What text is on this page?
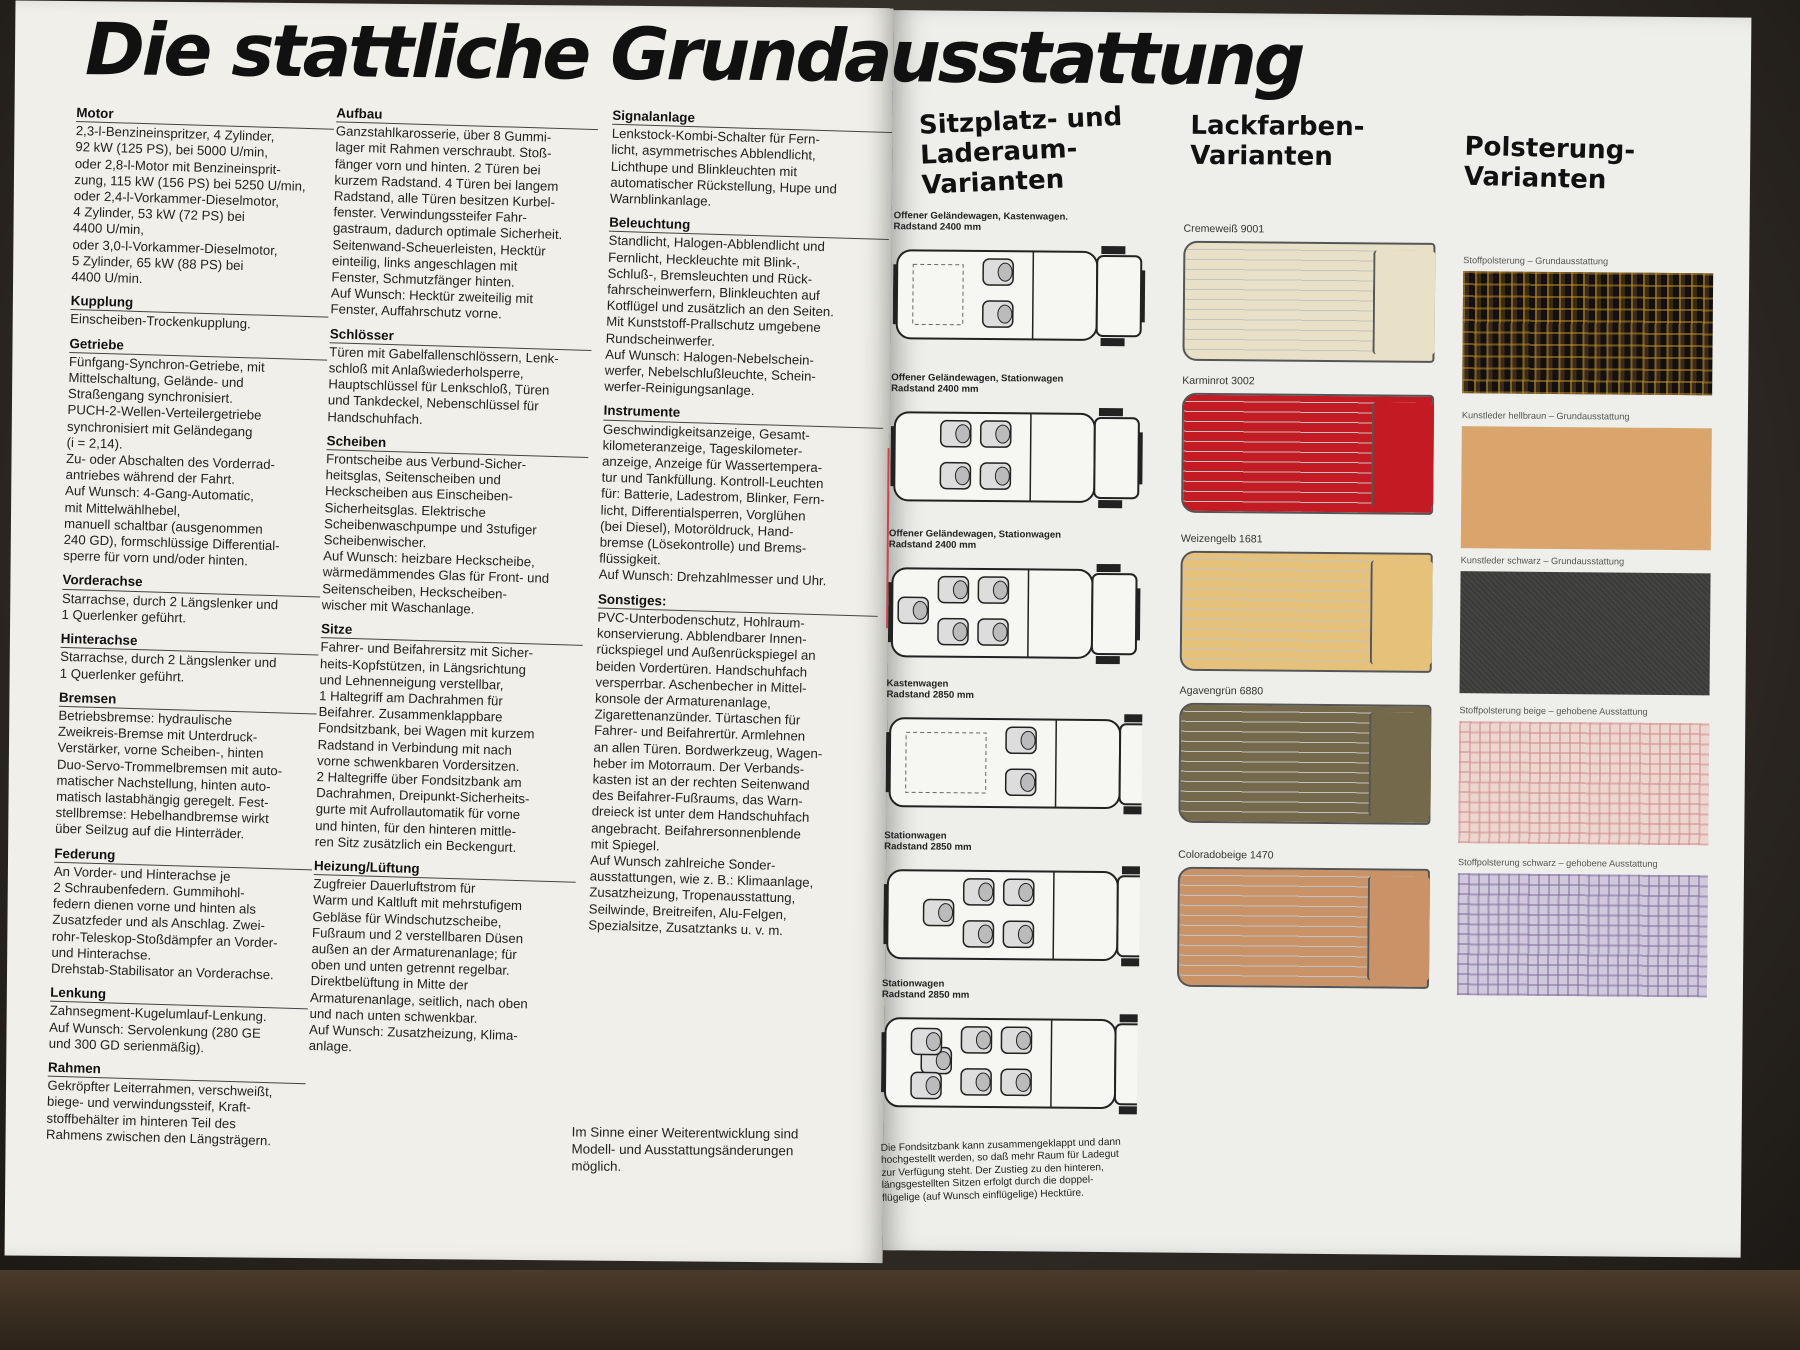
Motor

2,3-l-Benzineinspritzer, 4 Zylinder,
92 kW (125 PS), bei 5000 U/min,
oder 2,8-l-Motor mit Benzineinsprit-
zung, 115 kW (156 PS) bei 5250 U/min,
oder 2,4-l-Vorkammer-Dieselmotor,
4 Zylinder, 53 kW (72 PS) bei
4400 U/min,
oder 3,0-l-Vorkammer-Dieselmotor,
5 Zylinder, 65 kW (88 PS) bei
4400 U/min.

Kupplung

Einscheiben-Trockenkupplung.

Getriebe

Fünfgang-Synchron-Getriebe, mit
Mittelschaltung, Gelände- und
Straßengang synchronisiert.
PUCH-2-Wellen-Verteilergetriebe
synchronisiert mit Geländegang
(i = 2,14).
Zu- oder Abschalten des Vorderrad-
antriebes während der Fahrt.
Auf Wunsch: 4-Gang-Automatic,
mit Mittelwählhebel,
manuell schaltbar (ausgenommen
240 GD), formschlüssige Differential-
sperre für vorn und/oder hinten.

Vorderachse

Starrachse, durch 2 Längslenker und
1 Querlenker geführt.

Hinterachse

Starrachse, durch 2 Längslenker und
1 Querlenker geführt.

Bremsen

Betriebsbremse: hydraulische
Zweikreis-Bremse mit Unterdruck-
Verstärker, vorne Scheiben-, hinten
Duo-Servo-Trommelbremsen mit auto-
matischer Nachstellung, hinten auto-
matisch lastabhängig geregelt. Fest-
stellbremse: Hebelhandbremse wirkt
über Seilzug auf die Hinterräder.

Federung

An Vorder- und Hinterachse je
2 Schraubenfedern. Gummihohl-
federn dienen vorne und hinten als
Zusatzfeder und als Anschlag. Zwei-
rohr-Teleskop-Stoßdämpfer an Vorder-
und Hinterachse.
Drehstab-Stabilisator an Vorderachse.

Lenkung

Zahnsegment-Kugelumlauf-Lenkung.
Auf Wunsch: Servolenkung (280 GE
und 300 GD serienmäßig).

Rahmen

Gekröpfter Leiterrahmen, verschweißt,
biege- und verwindungssteif, Kraft-
stoffbehälter im hinteren Teil des
Rahmens zwischen den Längsträgern.

Aufbau

Ganzstahlkarosserie, über 8 Gummi-
lager mit Rahmen verschraubt. Stoß-
fänger vorn und hinten. 2 Türen bei
kurzem Radstand. 4 Türen bei langem
Radstand, alle Türen besitzen Kurbel-
fenster. Verwindungssteifer Fahr-
gastraum, dadurch optimale Sicherheit.
Seitenwand-Scheuerleisten, Hecktür
einteilig, links angeschlagen mit
Fenster, Schmutzfänger hinten.
Auf Wunsch: Hecktür zweiteilig mit
Fenster, Auffahrschutz vorne.

Schlösser

Türen mit Gabelfallenschlössern, Lenk-
schloß mit Anlaßwiederholsperre,
Hauptschlüssel für Lenkschloß, Türen
und Tankdeckel, Nebenschlüssel für
Handschuhfach.

Scheiben

Frontscheibe aus Verbund-Sicher-
heitsglas, Seitenscheiben und
Heckscheiben aus Einscheiben-
Sicherheitsglas. Elektrische
Scheibenwaschpumpe und 3stufiger
Scheibenwischer.
Auf Wunsch: heizbare Heckscheibe,
wärmedämmendes Glas für Front- und
Seitenscheiben, Heckscheiben-
wischer mit Waschanlage.

Sitze

Fahrer- und Beifahrersitz mit Sicher-
heits-Kopfstützen, in Längsrichtung
und Lehnenneigung verstellbar,
1 Haltegriff am Dachrahmen für
Beifahrer. Zusammenklappbare
Fondsitzbank, bei Wagen mit kurzem
Radstand in Verbindung mit nach
vorne schwenkbaren Vordersitzen.
2 Haltegriffe über Fondsitzbank am
Dachrahmen, Dreipunkt-Sicherheits-
gurte mit Aufrollautomatik für vorne
und hinten, für den hinteren mittle-
ren Sitz zusätzlich ein Beckengurt.

Heizung/Lüftung

Zugfreier Dauerluftstrom für
Warm und Kaltluft mit mehrstufigem
Gebläse für Windschutzscheibe,
Fußraum und 2 verstellbaren Düsen
außen an der Armaturenanlage; für
oben und unten getrennt regelbar.
Direktbelüftung in Mitte der
Armaturenanlage, seitlich, nach oben
und nach unten schwenkbar.
Auf Wunsch: Zusatzheizung, Klima-
anlage.

Signalanlage

Lenkstock-Kombi-Schalter für Fern-
licht, asymmetrisches Abblendlicht,
Lichthupe und Blinkleuchten mit
automatischer Rückstellung, Hupe und
Warnblinkanlage.

Beleuchtung

Standlicht, Halogen-Abblendlicht und
Fernlicht, Heckleuchte mit Blink-,
Schluß-, Bremsleuchten und Rück-
fahrscheinwerfern, Blinkleuchten auf
Kotflügel und zusätzlich an den Seiten.
Mit Kunststoff-Prallschutz umgebene
Rundscheinwerfer.
Auf Wunsch: Halogen-Nebelschein-
werfer, Nebelschlußleuchte, Schein-
werfer-Reinigungsanlage.

Instrumente

Geschwindigkeitsanzeige, Gesamt-
kilometeranzeige, Tageskilometer-
anzeige, Anzeige für Wassertempera-
tur und Tankfüllung. Kontroll-Leuchten
für: Batterie, Ladestrom, Blinker, Fern-
licht, Differentialsperren, Vorglühen
(bei Diesel), Motoröldruck, Hand-
bremse (Lösekontrolle) und Brems-
flüssigkeit.
Auf Wunsch: Drehzahlmesser und Uhr.

Sonstiges:

PVC-Unterbodenschutz, Hohlraum-
konservierung. Abblendbarer Innen-
rückspiegel und Außenrückspiegel an
beiden Vordertüren. Handschuhfach
versperrbar. Aschenbecher in Mittel-
konsole der Armaturenanlage,
Zigarettenanzünder. Türtaschen für
Fahrer- und Beifahrertür. Armlehnen
an allen Türen. Bordwerkzeug, Wagen-
heber im Motorraum. Der Verbands-
kasten ist an der rechten Seitenwand
des Beifahrer-Fußraums, das Warn-
dreieck ist unter dem Handschuhfach
angebracht. Beifahrersonnenblende
mit Spiegel.
Auf Wunsch zahlreiche Sonder-
ausstattungen, wie z. B.: Klimaanlage,
Zusatzheizung, Tropenausstattung,
Seilwinde, Breitreifen, Alu-Felgen,
Spezialsitze, Zusatztanks u. v. m.

Im Sinne einer Weiterentwicklung sind
Modell- und Ausstattungsänderungen
möglich.
Sitzplatz- und
Laderaum-
Varianten
Lackfarben-
Varianten	Polsterung-
Varianten
Offener Geländewagen, Kastenwagen.
Radstand 2400 mm
Offener Geländewagen, Stationwagen
Radstand 2400 mm
Offener Geländewagen, Stationwagen
Radstand 2400 mm
Kastenwagen
Radstand 2850 mm
Stationwagen
Radstand 2850 mm
Stationwagen
Radstand 2850 mm
Cremeweiß 9001
Karminrot 3002
Weizengelb 1681
Agavengrün 6880
Coloradobeige 1470
Stoffpolsterung – Grundausstattung
Kunstleder hellbraun – Grundausstattung
Kunstleder schwarz – Grundausstattung
Stoffpolsterung beige – gehobene Ausstattung
Stoffpolsterung schwarz – gehobene Ausstattung
Die Fondsitzbank kann zusammengeklappt und dann
hochgestellt werden, so daß mehr Raum für Ladegut
zur Verfügung steht. Der Zustieg zu den hinteren,
längsgestellten Sitzen erfolgt durch die doppel-
flügelige (auf Wunsch einflügelige) Hecktüre.
Die stattliche Grundausstattung
